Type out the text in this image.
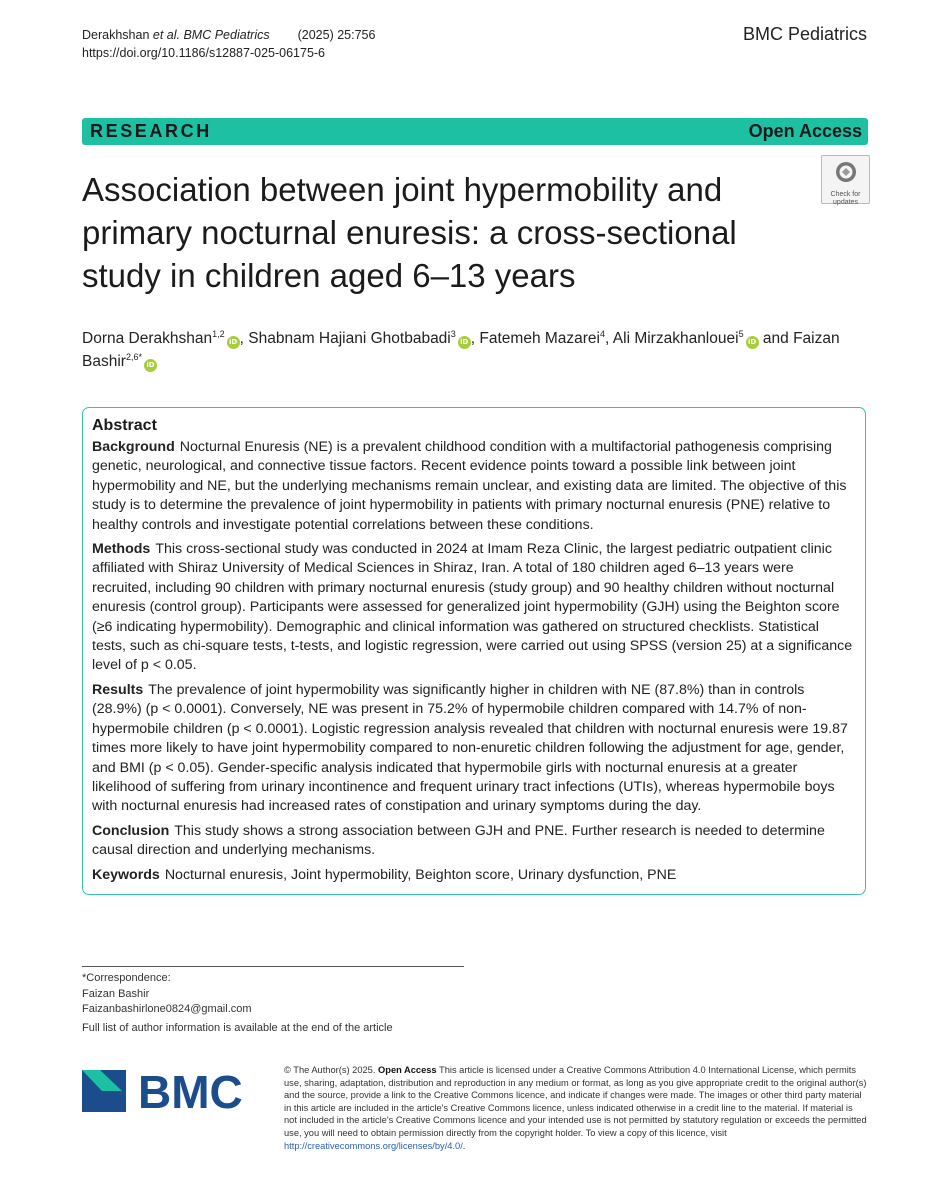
Derakhshan et al. BMC Pediatrics (2025) 25:756
https://doi.org/10.1186/s12887-025-06175-6
BMC Pediatrics
RESEARCH	Open Access
Check for updates
Association between joint hypermobility and primary nocturnal enuresis: a cross-sectional study in children aged 6–13 years
Dorna Derakhshan$^{1,2}$iD , Shabnam Hajiani Ghotbabadi$^3$iD , Fatemeh Mazarei$^4$, Ali Mirzakhanlouei$^5$iD and Faizan Bashir$^{2,6*}$iD
Abstract

Background Nocturnal Enuresis (NE) is a prevalent childhood condition with a multifactorial pathogenesis comprising genetic, neurological, and connective tissue factors. Recent evidence points toward a possible link between joint hypermobility and NE, but the underlying mechanisms remain unclear, and existing data are limited. The objective of this study is to determine the prevalence of joint hypermobility in patients with primary nocturnal enuresis (PNE) relative to healthy controls and investigate potential correlations between these conditions.

Methods This cross-sectional study was conducted in 2024 at Imam Reza Clinic, the largest pediatric outpatient clinic affiliated with Shiraz University of Medical Sciences in Shiraz, Iran. A total of 180 children aged 6–13 years were recruited, including 90 children with primary nocturnal enuresis (study group) and 90 healthy children without nocturnal enuresis (control group). Participants were assessed for generalized joint hypermobility (GJH) using the Beighton score (≥6 indicating hypermobility). Demographic and clinical information was gathered on structured checklists. Statistical tests, such as chi-square tests, t-tests, and logistic regression, were carried out using SPSS (version 25) at a significance level of p < 0.05.

Results The prevalence of joint hypermobility was significantly higher in children with NE (87.8%) than in controls (28.9%) (p < 0.0001). Conversely, NE was present in 75.2% of hypermobile children compared with 14.7% of non-hypermobile children (p < 0.0001). Logistic regression analysis revealed that children with nocturnal enuresis were 19.87 times more likely to have joint hypermobility compared to non-enuretic children following the adjustment for age, gender, and BMI (p < 0.05). Gender-specific analysis indicated that hypermobile girls with nocturnal enuresis at a greater likelihood of suffering from urinary incontinence and frequent urinary tract infections (UTIs), whereas hypermobile boys with nocturnal enuresis had increased rates of constipation and urinary symptoms during the day.

Conclusion This study shows a strong association between GJH and PNE. Further research is needed to determine causal direction and underlying mechanisms.

Keywords Nocturnal enuresis, Joint hypermobility, Beighton score, Urinary dysfunction, PNE

*Correspondence:
Faizan Bashir
Faizanbashirlone0824@gmail.com
Full list of author information is available at the end of the article
BMC	© The Author(s) 2025. Open Access This article is licensed under a Creative Commons Attribution 4.0 International License, which permits use, sharing, adaptation, distribution and reproduction in any medium or format, as long as you give appropriate credit to the original author(s) and the source, provide a link to the Creative Commons licence, and indicate if changes were made. The images or other third party material in this article are included in the article's Creative Commons licence, unless indicated otherwise in a credit line to the material. If material is not included in the article's Creative Commons licence and your intended use is not permitted by statutory regulation or exceeds the permitted use, you will need to obtain permission directly from the copyright holder. To view a copy of this licence, visit http://creativecommons.org/licenses/by/4.0/.
